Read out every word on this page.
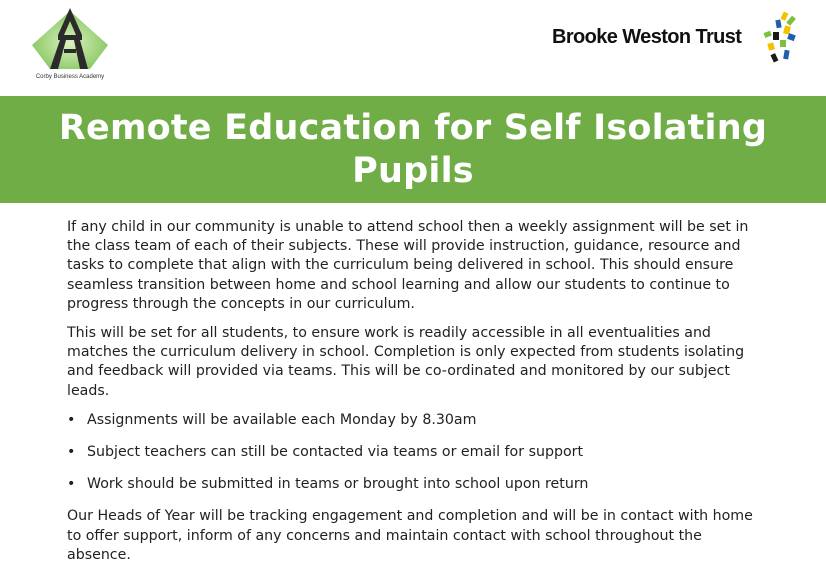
Corby Business Academy
Brooke Weston Trust
Remote Education for Self Isolating
Pupils

If any child in our community is unable to attend school then a weekly assignment will be set in the class team of each of their subjects. These will provide instruction, guidance, resource and tasks to complete that align with the curriculum being delivered in school. This should ensure seamless transition between home and school learning and allow our students to continue to progress through the concepts in our curriculum.

This will be set for all students, to ensure work is readily accessible in all eventualities and matches the curriculum delivery in school. Completion is only expected from students isolating and feedback will provided via teams. This will be co-ordinated and monitored by our subject leads.

• Assignments will be available each Monday by 8.30am
• Subject teachers can still be contacted via teams or email for support
• Work should be submitted in teams or brought into school upon return

Our Heads of Year will be tracking engagement and completion and will be in contact with home to offer support, inform of any concerns and maintain contact with school throughout the absence.
